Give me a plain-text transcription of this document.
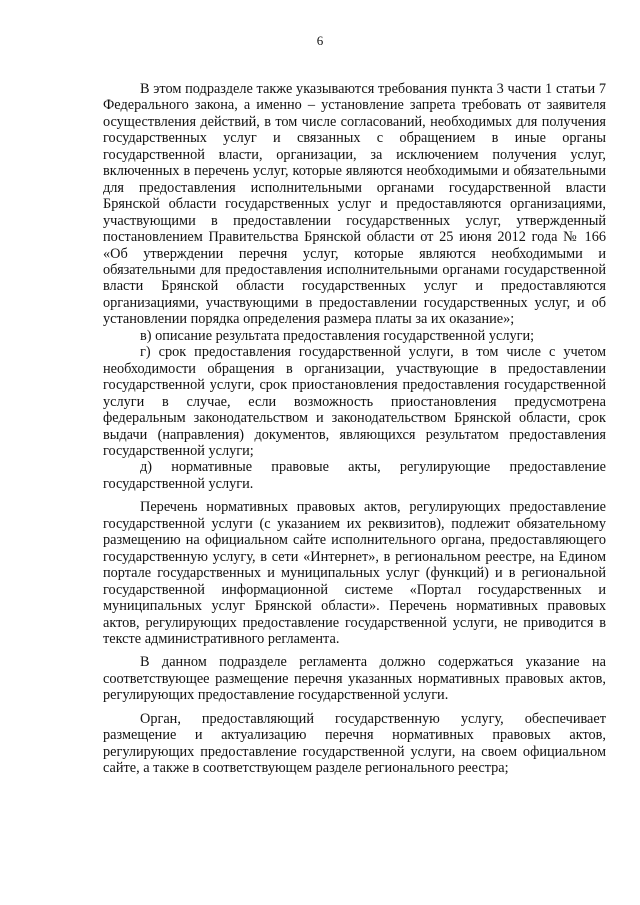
6

В этом подразделе также указываются требования пункта 3 части 1 статьи 7 Федерального закона, а именно – установление запрета требовать от заявителя осуществления действий, в том числе согласований, необходимых для получения государственных услуг и связанных с обращением в иные органы государственной власти, организации, за исключением получения услуг, включенных в перечень услуг, которые являются необходимыми и обязательными для предоставления исполнительными органами государственной власти Брянской области государственных услуг и предоставляются организациями, участвующими в предоставлении государственных услуг, утвержденный постановлением Правительства Брянской области от 25 июня 2012 года № 166 «Об утверждении перечня услуг, которые являются необходимыми и обязательными для предоставления исполнительными органами государственной власти Брянской области государственных услуг и предоставляются организациями, участвующими в предоставлении государственных услуг, и об установлении порядка определения размера платы за их оказание»;

в) описание результата предоставления государственной услуги;

г) срок предоставления государственной услуги, в том числе с учетом необходимости обращения в организации, участвующие в предоставлении государственной услуги, срок приостановления предоставления государственной услуги в случае, если возможность приостановления предусмотрена федеральным законодательством и законодательством Брянской области, срок выдачи (направления) документов, являющихся результатом предоставления государственной услуги;

д) нормативные правовые акты, регулирующие предоставление государственной услуги.

Перечень нормативных правовых актов, регулирующих предоставление государственной услуги (с указанием их реквизитов), подлежит обязательному размещению на официальном сайте исполнительного органа, предоставляющего государственную услугу, в сети «Интернет», в региональном реестре, на Едином портале государственных и муниципальных услуг (функций) и в региональной государственной информационной системе «Портал государственных и муниципальных услуг Брянской области». Перечень нормативных правовых актов, регулирующих предоставление государственной услуги, не приводится в тексте административного регламента.

В данном подразделе регламента должно содержаться указание на соответствующее размещение перечня указанных нормативных правовых актов, регулирующих предоставление государственной услуги.

Орган, предоставляющий государственную услугу, обеспечивает размещение и актуализацию перечня нормативных правовых актов, регулирующих предоставление государственной услуги, на своем официальном сайте, а также в соответствующем разделе регионального реестра;
